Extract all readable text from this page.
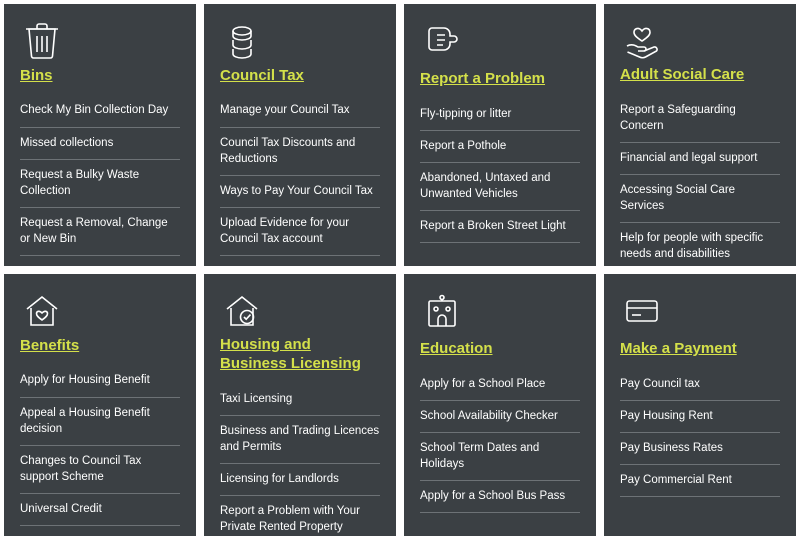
Bins
Check My Bin Collection Day
Missed collections
Request a Bulky Waste Collection
Request a Removal, Change or New Bin
Council Tax
Manage your Council Tax
Council Tax Discounts and Reductions
Ways to Pay Your Council Tax
Upload Evidence for your Council Tax account
Report a Problem
Fly-tipping or litter
Report a Pothole
Abandoned, Untaxed and Unwanted Vehicles
Report a Broken Street Light
Adult Social Care
Report a Safeguarding Concern
Financial and legal support
Accessing Social Care Services
Help for people with specific needs and disabilities
Benefits
Apply for Housing Benefit
Appeal a Housing Benefit decision
Changes to Council Tax support Scheme
Universal Credit
Housing and Business Licensing
Taxi Licensing
Business and Trading Licences and Permits
Licensing for Landlords
Report a Problem with Your Private Rented Property
Education
Apply for a School Place
School Availability Checker
School Term Dates and Holidays
Apply for a School Bus Pass
Make a Payment
Pay Council tax
Pay Housing Rent
Pay Business Rates
Pay Commercial Rent
